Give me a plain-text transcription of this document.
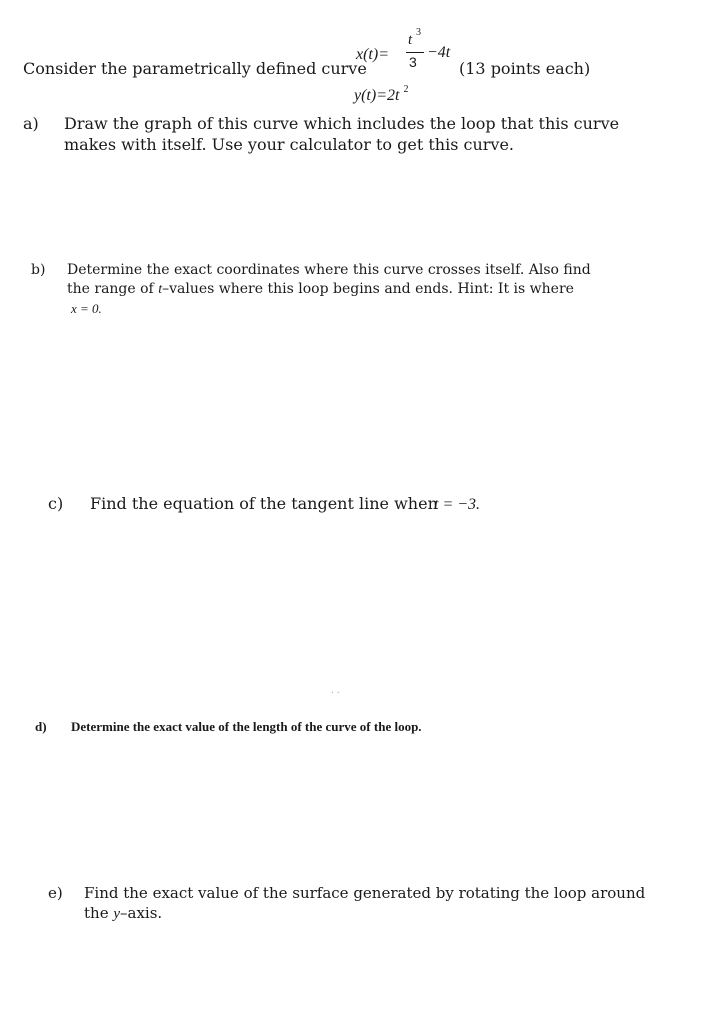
Consider the parametrically defined curve
x(t)=
t 3
3
−4t
(13 points each)
y(t)=2t $^2$
a) Draw the graph of this curve which includes the loop that this curve
makes with itself. Use your calculator to get this curve.
b) Determine the exact coordinates where this curve crosses itself. Also find
the range of t–values where this loop begins and ends. Hint: It is where
x = 0.
c) Find the equation of the tangent line when
t = −3.
. .
d) Determine the exact value of the length of the curve of the loop.
e) Find the exact value of the surface generated by rotating the loop around
the y–axis.
